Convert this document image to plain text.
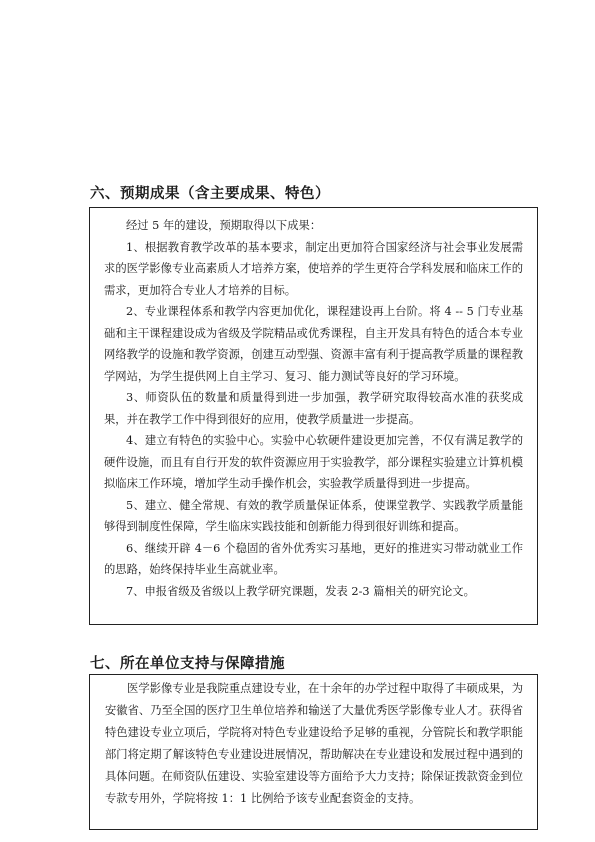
六、预期成果（含主要成果、特色）

经过 5 年的建设，预期取得以下成果：

1、根据教育教学改革的基本要求，制定出更加符合国家经济与社会事业发展需求的医学影像专业高素质人才培养方案，使培养的学生更符合学科发展和临床工作的需求，更加符合专业人才培养的目标。

2、专业课程体系和教学内容更加优化，课程建设再上台阶。将 4 -- 5 门专业基础和主干课程建设成为省级及学院精品或优秀课程，自主开发具有特色的适合本专业网络教学的设施和教学资源，创建互动型强、资源丰富有利于提高教学质量的课程教学网站，为学生提供网上自主学习、复习、能力测试等良好的学习环境。

3、师资队伍的数量和质量得到进一步加强，教学研究取得较高水准的获奖成果，并在教学工作中得到很好的应用，使教学质量进一步提高。

4、建立有特色的实验中心。实验中心软硬件建设更加完善，不仅有满足教学的硬件设施，而且有自行开发的软件资源应用于实验教学，部分课程实验建立计算机模拟临床工作环境，增加学生动手操作机会，实验教学质量得到进一步提高。

5、建立、健全常规、有效的教学质量保证体系，使课堂教学、实践教学质量能够得到制度性保障，学生临床实践技能和创新能力得到很好训练和提高。

6、继续开辟 4－6 个稳固的省外优秀实习基地，更好的推进实习带动就业工作的思路，始终保持毕业生高就业率。

7、申报省级及省级以上教学研究课题，发表 2-3 篇相关的研究论文。

七、所在单位支持与保障措施

医学影像专业是我院重点建设专业，在十余年的办学过程中取得了丰硕成果，为安徽省、乃至全国的医疗卫生单位培养和输送了大量优秀医学影像专业人才。获得省特色建设专业立项后，学院将对特色专业建设给予足够的重视，分管院长和教学职能部门将定期了解该特色专业建设进展情况，帮助解决在专业建设和发展过程中遇到的具体问题。在师资队伍建设、实验室建设等方面给予大力支持；除保证拨款资金到位专款专用外，学院将按 1：1 比例给予该专业配套资金的支持。
